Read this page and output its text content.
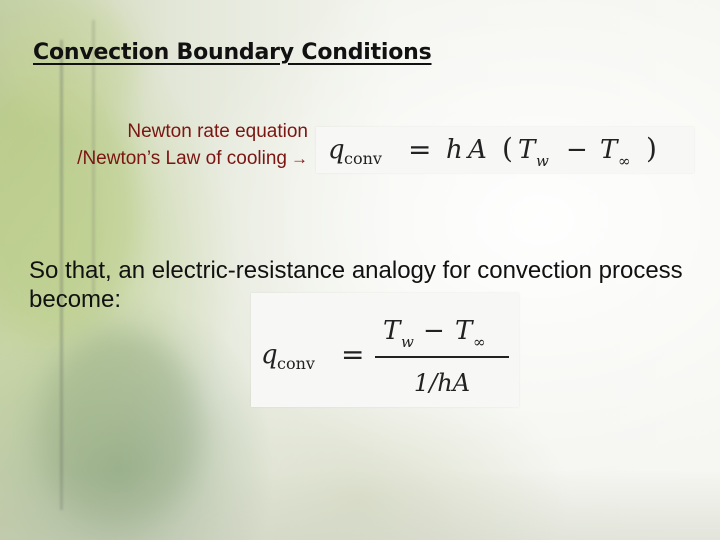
Convection Boundary Conditions
Newton rate equation
/Newton’s Law of cooling → q conv = h A ( T w − T ∞ )

So that, an electric-resistance analogy for convection process become:

q conv =
T w − T ∞
1/hA
